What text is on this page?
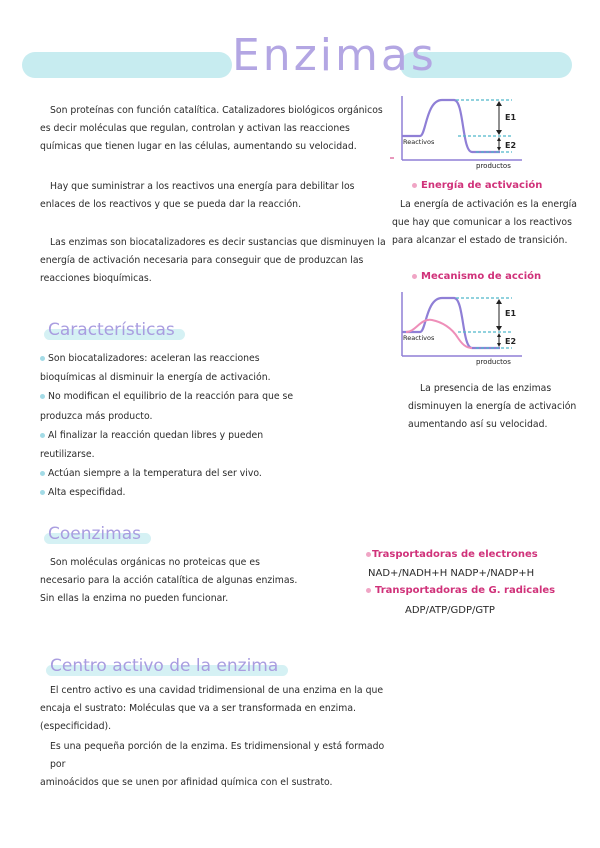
Enzimas

Son proteínas con función catalítica. Catalizadores biológicos orgánicos

es decir moléculas que regulan, controlan y activan las reacciones

químicas que tienen lugar en las células, aumentando su velocidad.

Hay que suministrar a los reactivos una energía para debilitar los

enlaces de los reactivos y que se pueda dar la reacción.

Las enzimas son biocatalizadores es decir sustancias que disminuyen la

energía de activación necesaria para conseguir que de produzcan las

reacciones bioquímicas.

Características
Son biocatalizadores: aceleran las reacciones
bioquímicas al disminuir la energía de activación.
No modifican el equilibrio de la reacción para que se
produzca más producto.
Al finalizar la reacción quedan libres y pueden
reutilizarse.
Actúan siempre a la temperatura del ser vivo.
Alta especifidad.
Coenzimas

Son moléculas orgánicas no proteicas que es

necesario para la acción catalítica de algunas enzimas.

Sin ellas la enzima no pueden funcionar.

Trasportadoras de electrones
NAD+/NADH+H NADP+/NADP+H
Transportadoras de G. radicales
ADP/ATP/GDP/GTP
Centro activo de la enzima

El centro activo es una cavidad tridimensional de una enzima en la que

encaja el sustrato: Moléculas que va a ser transformada en enzima.

(especificidad).

Es una pequeña porción de la enzima. Es tridimensional y está formado por

aminoácidos que se unen por afinidad química con el sustrato.

Reactivos
productos
E1
E2
Energía de activación
La energía de activación es la energía
que hay que comunicar a los reactivos
para alcanzar el estado de transición.
Mecanismo de acción
Reactivos
productos
E1
E2
La presencia de las enzimas
disminuyen la energía de activación
aumentando así su velocidad.
